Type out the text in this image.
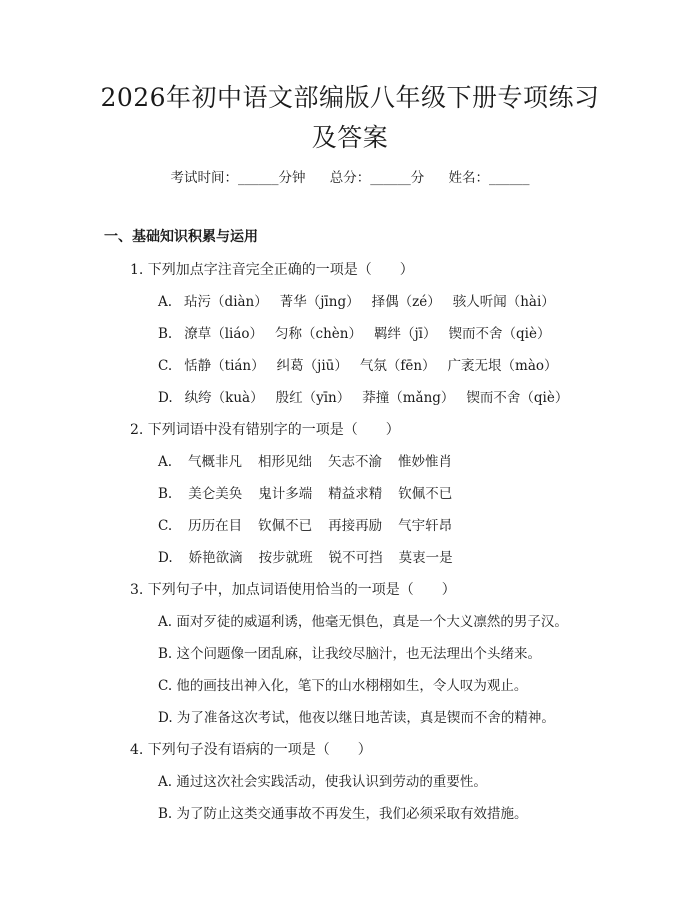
2026年初中语文部编版八年级下册专项练习
及答案
考试时间：______分钟 总分：______分 姓名：______
一、基础知识积累与运用
1. 下列加点字注音完全正确的一项是（　　）
A. 玷污（diàn） 菁华（jīng） 择偶（zé） 骇人听闻（hài）
B. 潦草（liáo） 匀称（chèn） 羁绊（jī） 锲而不舍（qiè）
C. 恬静（tián） 纠葛（jiū） 气氛（fēn） 广袤无垠（mào）
D. 纨绔（kuà） 殷红（yīn） 莽撞（mǎng） 锲而不舍（qiè）
2. 下列词语中没有错别字的一项是（　　）
A. 气概非凡 相形见绌 矢志不渝 惟妙惟肖
B. 美仑美奂 鬼计多端 精益求精 钦佩不已
C. 历历在目 钦佩不已 再接再励 气宇轩昂
D. 娇艳欲滴 按步就班 锐不可挡 莫衷一是
3. 下列句子中，加点词语使用恰当的一项是（　　）
A. 面对歹徒的威逼利诱，他毫无惧色，真是一个大义凛然的男子汉。
B. 这个问题像一团乱麻，让我绞尽脑汁，也无法理出个头绪来。
C. 他的画技出神入化，笔下的山水栩栩如生，令人叹为观止。
D. 为了准备这次考试，他夜以继日地苦读，真是锲而不舍的精神。
4. 下列句子没有语病的一项是（　　）
A. 通过这次社会实践活动，使我认识到劳动的重要性。
B. 为了防止这类交通事故不再发生，我们必须采取有效措施。
